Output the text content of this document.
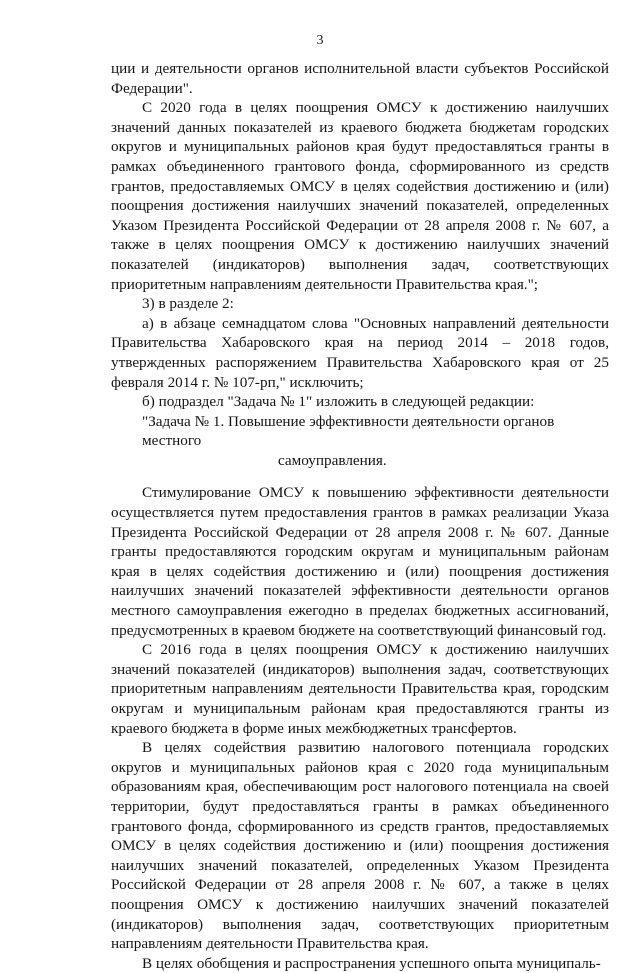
3

ции и деятельности органов исполнительной власти субъектов Российской Федерации".

С 2020 года в целях поощрения ОМСУ к достижению наилучших значений данных показателей из краевого бюджета бюджетам городских округов и муниципальных районов края будут предоставляться гранты в рамках объединенного грантового фонда, сформированного из средств грантов, предоставляемых ОМСУ в целях содействия достижению и (или) поощрения достижения наилучших значений показателей, определенных Указом Президента Российской Федерации от 28 апреля 2008 г. № 607, а также в целях поощрения ОМСУ к достижению наилучших значений показателей (индикаторов) выполнения задач, соответствующих приоритетным направлениям деятельности Правительства края.";

3) в разделе 2:

а) в абзаце семнадцатом слова "Основных направлений деятельности Правительства Хабаровского края на период 2014 – 2018 годов, утвержденных распоряжением Правительства Хабаровского края от 25 февраля 2014 г. № 107-рп," исключить;

б) подраздел "Задача № 1" изложить в следующей редакции:

"Задача № 1. Повышение эффективности деятельности органов местного
самоуправления.

Стимулирование ОМСУ к повышению эффективности деятельности осуществляется путем предоставления грантов в рамках реализации Указа Президента Российской Федерации от 28 апреля 2008 г. № 607. Данные гранты предоставляются городским округам и муниципальным районам края в целях содействия достижению и (или) поощрения достижения наилучших значений показателей эффективности деятельности органов местного самоуправления ежегодно в пределах бюджетных ассигнований, предусмотренных в краевом бюджете на соответствующий финансовый год.

С 2016 года в целях поощрения ОМСУ к достижению наилучших значений показателей (индикаторов) выполнения задач, соответствующих приоритетным направлениям деятельности Правительства края, городским округам и муниципальным районам края предоставляются гранты из краевого бюджета в форме иных межбюджетных трансфертов.

В целях содействия развитию налогового потенциала городских округов и муниципальных районов края с 2020 года муниципальным образованиям края, обеспечивающим рост налогового потенциала на своей территории, будут предоставляться гранты в рамках объединенного грантового фонда, сформированного из средств грантов, предоставляемых ОМСУ в целях содействия достижению и (или) поощрения достижения наилучших значений показателей, определенных Указом Президента Российской Федерации от 28 апреля 2008 г. № 607, а также в целях поощрения ОМСУ к достижению наилучших значений показателей (индикаторов) выполнения задач, соответствующих приоритетным направлениям деятельности Правительства края.

В целях обобщения и распространения успешного опыта муниципаль-
